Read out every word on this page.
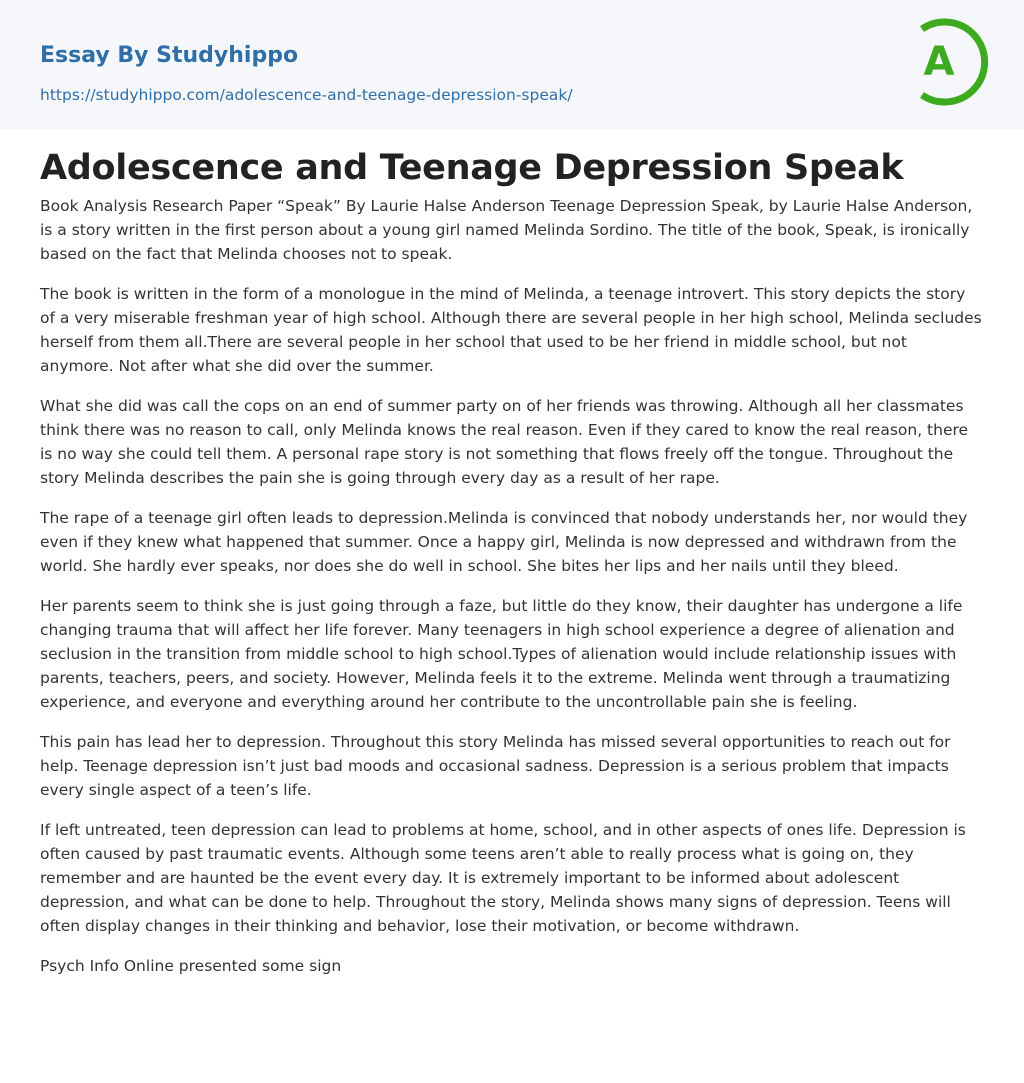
Essay By Studyhippo
https://studyhippo.com/adolescence-and-teenage-depression-speak/
A
Adolescence and Teenage Depression Speak

Book Analysis Research Paper “Speak” By Laurie Halse Anderson Teenage Depression Speak, by Laurie Halse Anderson, is a story written in the first person about a young girl named Melinda Sordino. The title of the book, Speak, is ironically based on the fact that Melinda chooses not to speak.

The book is written in the form of a monologue in the mind of Melinda, a teenage introvert. This story depicts the story of a very miserable freshman year of high school. Although there are several people in her high school, Melinda secludes herself from them all.There are several people in her school that used to be her friend in middle school, but not anymore. Not after what she did over the summer.

What she did was call the cops on an end of summer party on of her friends was throwing. Although all her classmates think there was no reason to call, only Melinda knows the real reason. Even if they cared to know the real reason, there is no way she could tell them. A personal rape story is not something that flows freely off the tongue. Throughout the story Melinda describes the pain she is going through every day as a result of her rape.

The rape of a teenage girl often leads to depression.Melinda is convinced that nobody understands her, nor would they even if they knew what happened that summer. Once a happy girl, Melinda is now depressed and withdrawn from the world. She hardly ever speaks, nor does she do well in school. She bites her lips and her nails until they bleed.

Her parents seem to think she is just going through a faze, but little do they know, their daughter has undergone a life changing trauma that will affect her life forever. Many teenagers in high school experience a degree of alienation and seclusion in the transition from middle school to high school.Types of alienation would include relationship issues with parents, teachers, peers, and society. However, Melinda feels it to the extreme. Melinda went through a traumatizing experience, and everyone and everything around her contribute to the uncontrollable pain she is feeling.

This pain has lead her to depression. Throughout this story Melinda has missed several opportunities to reach out for help. Teenage depression isn’t just bad moods and occasional sadness. Depression is a serious problem that impacts every single aspect of a teen’s life.

If left untreated, teen depression can lead to problems at home, school, and in other aspects of ones life. Depression is often caused by past traumatic events. Although some teens aren’t able to really process what is going on, they remember and are haunted be the event every day. It is extremely important to be informed about adolescent depression, and what can be done to help. Throughout the story, Melinda shows many signs of depression. Teens will often display changes in their thinking and behavior, lose their motivation, or become withdrawn.

Psych Info Online presented some sign
